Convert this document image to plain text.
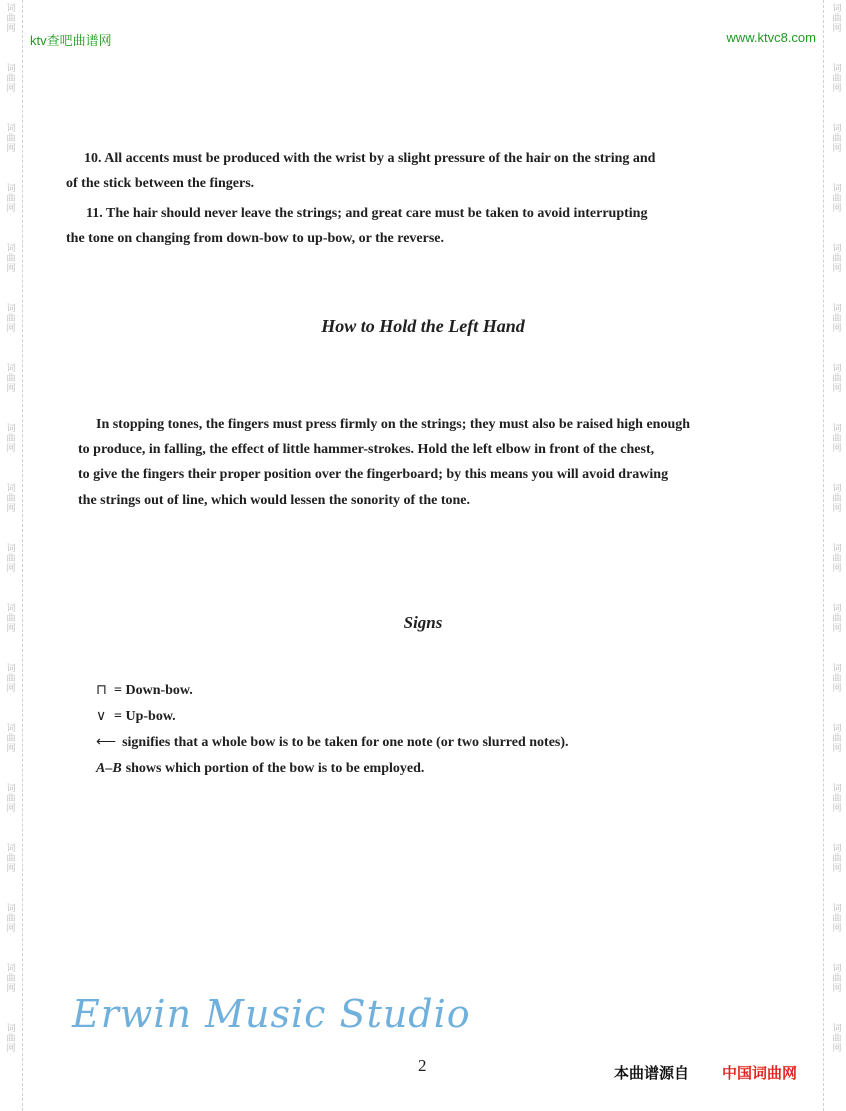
词
曲
网
词
曲
网
词
曲
网
词
曲
网
词
曲
网
词
曲
网
词
曲
网
词
曲
网
词
曲
网
词
曲
网
词
曲
网
词
曲
网
词
曲
网
词
曲
网
词
曲
网
词
曲
网
词
曲
网
词
曲
网
词
曲
网
词
曲
网
词
曲
网
词
曲
网
词
曲
网
词
曲
网
词
曲
网
词
曲
网
词
曲
网
词
曲
网
词
曲
网
词
曲
网
词
曲
网
词
曲
网
词
曲
网
词
曲
网
词
曲
网
词
曲
网
ktv查吧曲谱网	www.ktvc8.com

10. All accents must be produced with the wrist by a slight pressure of the hair on the string and

of the stick between the fingers.

11. The hair should never leave the strings; and great care must be taken to avoid interrupting

the tone on changing from down-bow to up-bow, or the reverse.

How to Hold the Left Hand

In stopping tones, the fingers must press firmly on the strings; they must also be raised high enough

to produce, in falling, the effect of little hammer-strokes. Hold the left elbow in front of the chest,

to give the fingers their proper position over the fingerboard; by this means you will avoid drawing

the strings out of line, which would lessen the sonority of the tone.

Signs
⊓ = Down-bow.
∨ = Up-bow.
⟵ signifies that a whole bow is to be taken for one note (or two slurred notes).
A–B shows which portion of the bow is to be employed.
Erwin Music Studio
2	本曲谱源自 中国词曲网
